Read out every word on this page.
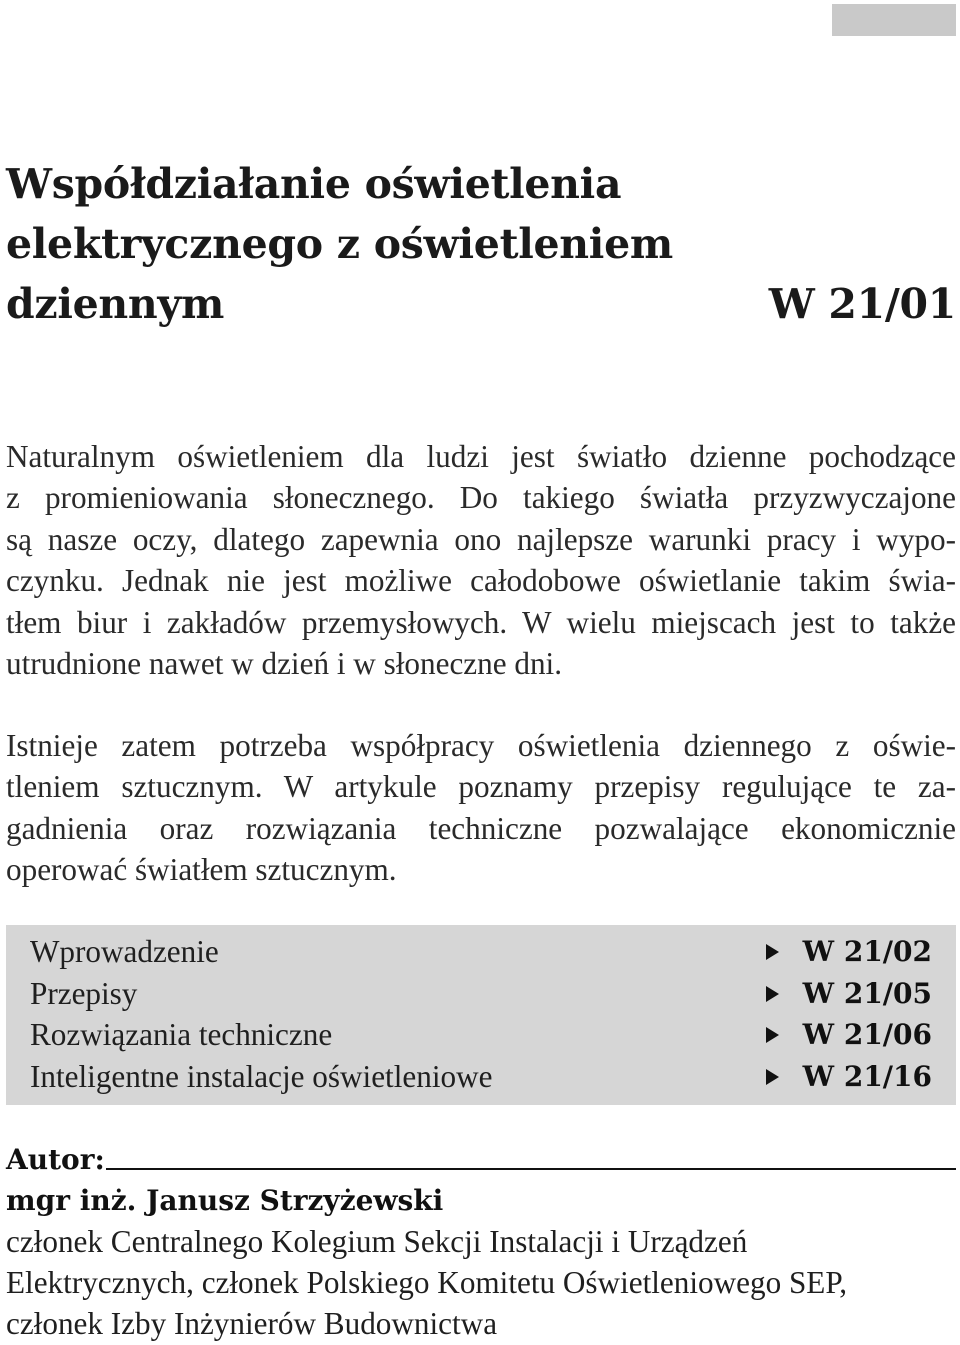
Współdziałanie oświetlenia
elektrycznego z oświetleniem
dziennym	W 21/01

Naturalnym oświetleniem dla ludzi jest światło dzienne pochodzące
z promieniowania słonecznego. Do takiego światła przyzwyczajone
są nasze oczy, dlatego zapewnia ono najlepsze warunki pracy i wypo-
czynku. Jednak nie jest możliwe całodobowe oświetlanie takim świa-
tłem biur i zakładów przemysłowych. W wielu miejscach jest to także
utrudnione nawet w dzień i w słoneczne dni.

Istnieje zatem potrzeba współpracy oświetlenia dziennego z oświe-
tleniem sztucznym. W artykule poznamy przepisy regulujące te za-
gadnienia oraz rozwiązania techniczne pozwalające ekonomicznie
operować światłem sztucznym.

Wprowadzenie	W 21/02
Przepisy	W 21/05
Rozwiązania techniczne	W 21/06
Inteligentne instalacje oświetleniowe	W 21/16
Autor:
mgr inż. Janusz Strzyżewski
członek Centralnego Kolegium Sekcji Instalacji i Urządzeń
Elektrycznych, członek Polskiego Komitetu Oświetleniowego SEP,
członek Izby Inżynierów Budownictwa
